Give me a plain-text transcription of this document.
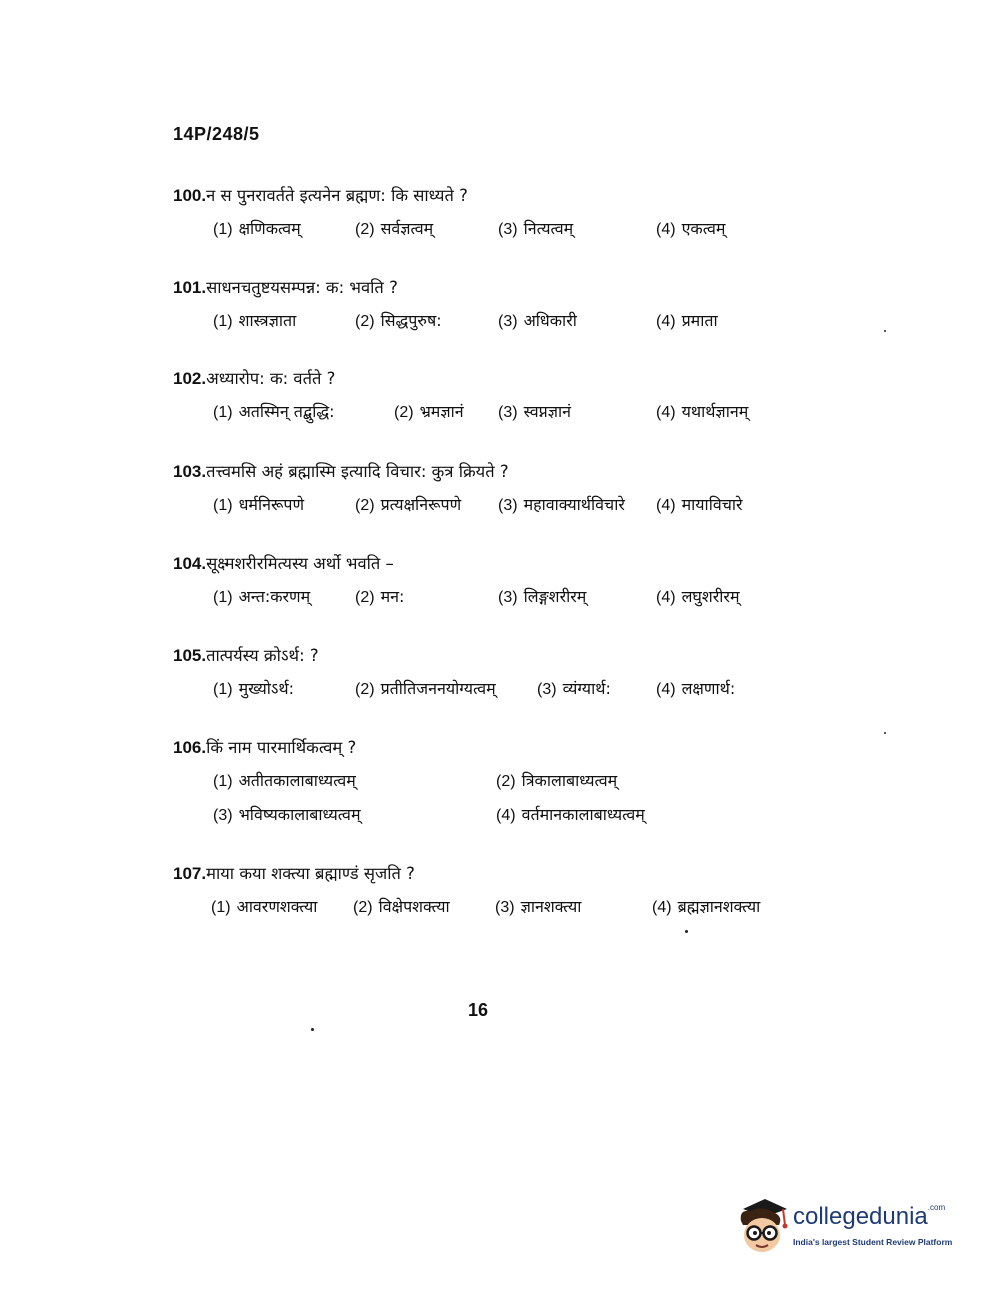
14P/248/5
100.न स पुनरावर्तते इत्यनेन ब्रह्मण: कि साध्यते ?
(1) क्षणिकत्वम्	(2) सर्वज्ञत्वम्	(3) नित्यत्वम्	(4) एकत्वम्
101.साधनचतुष्टयसम्पन्न: क: भवति ?
(1) शास्त्रज्ञाता	(2) सिद्धपुरुष:	(3) अधिकारी	(4) प्रमाता
102.अध्यारोप: क: वर्तते ?
(1) अतस्मिन् तद्बुद्धि:	(2) भ्रमज्ञानं (3) स्वप्नज्ञानं	(4) यथार्थज्ञानम्
103.तत्त्वमसि अहं ब्रह्मास्मि इत्यादि विचार: कुत्र क्रियते ?
(1) धर्मनिरूपणे	(2) प्रत्यक्षनिरूपणे (3) महावाक्यार्थविचारे (4) मायाविचारे
104.सूक्ष्मशरीरमित्यस्य अर्थो भवति –
(1) अन्त:करणम्	(2) मन:	(3) लिङ्गशरीरम्	(4) लघुशरीरम्
105.तात्पर्यस्य क्रोऽर्थ: ?
(1) मुख्योऽर्थ:	(2) प्रतीतिजननयोग्यत्वम्	(3) व्यंग्यार्थ:	(4) लक्षणार्थ:
106.किं नाम पारमार्थिकत्वम् ?
(1) अतीतकालाबाध्यत्वम्	(2) त्रिकालाबाध्यत्वम्
(3) भविष्यकालाबाध्यत्वम्	(4) वर्तमानकालाबाध्यत्वम्
107.माया कया शक्त्या ब्रह्माण्डं सृजति ?
(1) आवरणशक्त्या (2) विक्षेपशक्त्या	(3) ज्ञानशक्त्या	(4) ब्रह्मज्ञानशक्त्या
16
collegedunia$^{.com}$
India's largest Student Review Platform
